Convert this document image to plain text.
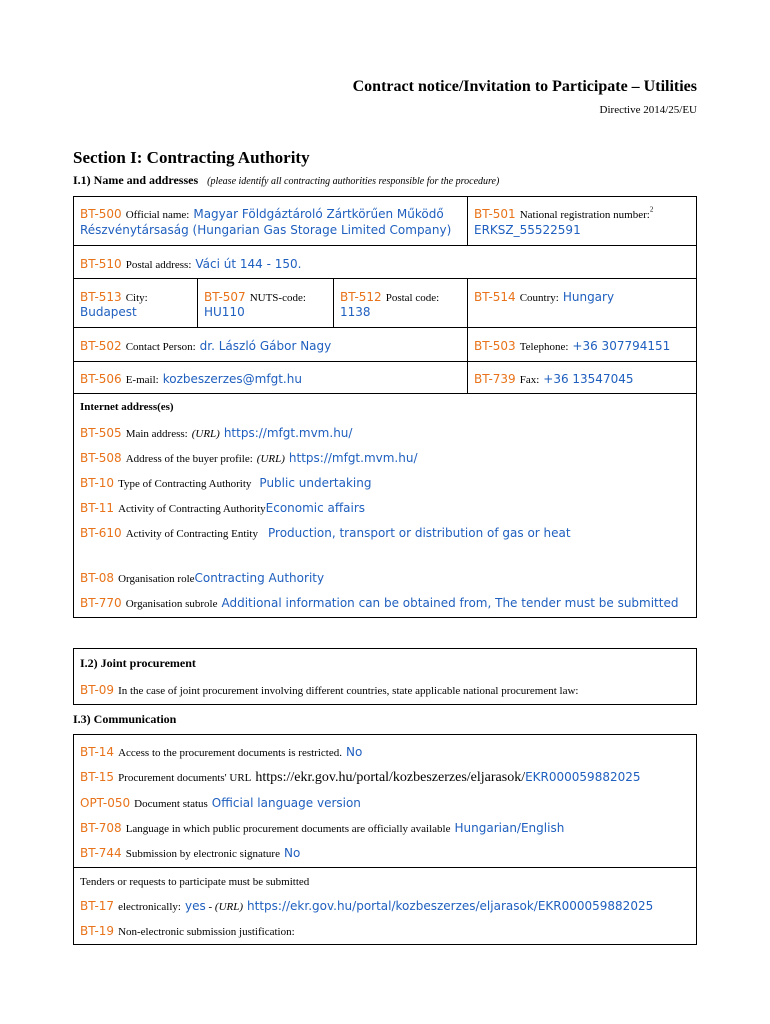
Contract notice/Invitation to Participate – Utilities
Directive 2014/25/EU
Section I: Contracting Authority
I.1) Name and addresses (please identify all contracting authorities responsible for the procedure)
BT-500 Official name: Magyar Földgáztároló Zártkörűen Működő
Részvénytársaság (Hungarian Gas Storage Limited Company)
BT-501 National registration number:$^2$
ERKSZ_55522591
BT-510 Postal address: Váci út 144 - 150.
BT-513 City:
Budapest
BT-507 NUTS-code:
HU110
BT-512 Postal code:
1138
BT-514 Country: Hungary
BT-502 Contact Person: dr. László Gábor Nagy	BT-503 Telephone: +36 307794151
BT-506 E-mail: kozbeszerzes@mfgt.hu	BT-739 Fax: +36 13547045
Internet address(es)
BT-505 Main address: (URL) https://mfgt.mvm.hu/
BT-508 Address of the buyer profile: (URL) https://mfgt.mvm.hu/
BT-10 Type of Contracting Authority Public undertaking
BT-11 Activity of Contracting AuthorityEconomic affairs
BT-610 Activity of Contracting Entity Production, transport or distribution of gas or heat
BT-08 Organisation roleContracting Authority
BT-770 Organisation subrole Additional information can be obtained from, The tender must be submitted
I.2) Joint procurement
BT-09 In the case of joint procurement involving different countries, state applicable national procurement law:
I.3) Communication
BT-14 Access to the procurement documents is restricted. No
BT-15 Procurement documents' URL https://ekr.gov.hu/portal/kozbeszerzes/eljarasok/EKR000059882025
OPT-050 Document status Official language version
BT-708 Language in which public procurement documents are officially available Hungarian/English
BT-744 Submission by electronic signature No
Tenders or requests to participate must be submitted
BT-17 electronically: yes - (URL) https://ekr.gov.hu/portal/kozbeszerzes/eljarasok/EKR000059882025
BT-19 Non-electronic submission justification:
